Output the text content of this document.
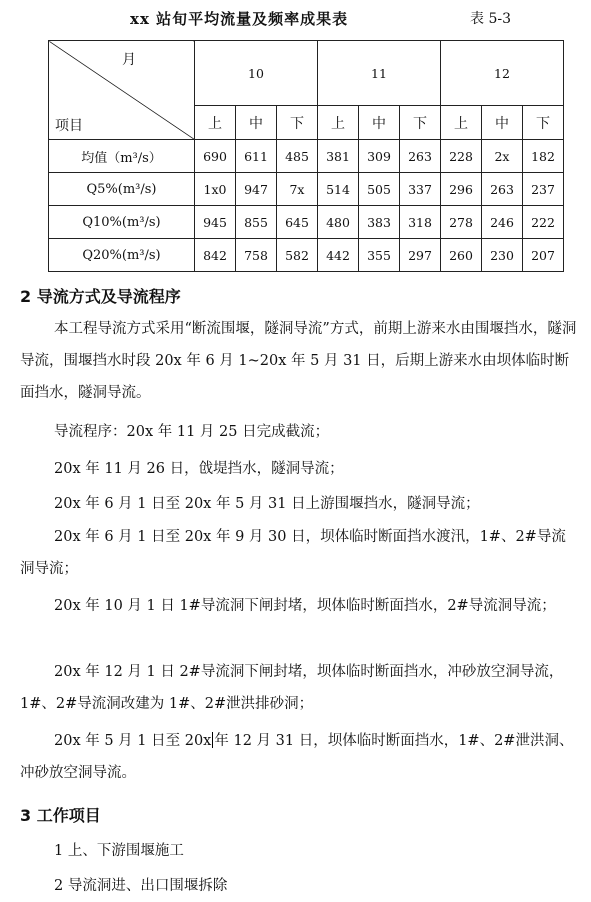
xx 站旬平均流量及频率成果表	表 5-3
月
项目	10			11			12		
	上	中	下	上	中	下	上	中	下
均值（m³/s）	690	611	485	381	309	263	228	2x	182
Q5%(m³/s)	1x0	947	7x	514	505	337	296	263	237
Q10%(m³/s)	945	855	645	480	383	318	278	246	222
Q20%(m³/s)	842	758	582	442	355	297	260	230	207
2 导流方式及导流程序
本工程导流方式采用“断流围堰，隧洞导流”方式，前期上游来水由围堰挡水，隧洞导流，围堰挡水时段 20x 年 6 月 1~20x 年 5 月 31 日，后期上游来水由坝体临时断面挡水，隧洞导流。
导流程序：20x 年 11 月 25 日完成截流；
20x 年 11 月 26 日，戗堤挡水，隧洞导流；
20x 年 6 月 1 日至 20x 年 5 月 31 日上游围堰挡水，隧洞导流；
20x 年 6 月 1 日至 20x 年 9 月 30 日，坝体临时断面挡水渡汛，1#、2#导流洞导流；
20x 年 10 月 1 日 1#导流洞下闸封堵，坝体临时断面挡水，2#导流洞导流；
20x 年 12 月 1 日 2#导流洞下闸封堵，坝体临时断面挡水，冲砂放空洞导流，1#、2#导流洞改建为 1#、2#泄洪排砂洞；
20x 年 5 月 1 日至 20x 年 12 月 31 日，坝体临时断面挡水，1#、2#泄洪洞、冲砂放空洞导流。
3 工作项目
1 上、下游围堰施工
2 导流洞进、出口围堰拆除
